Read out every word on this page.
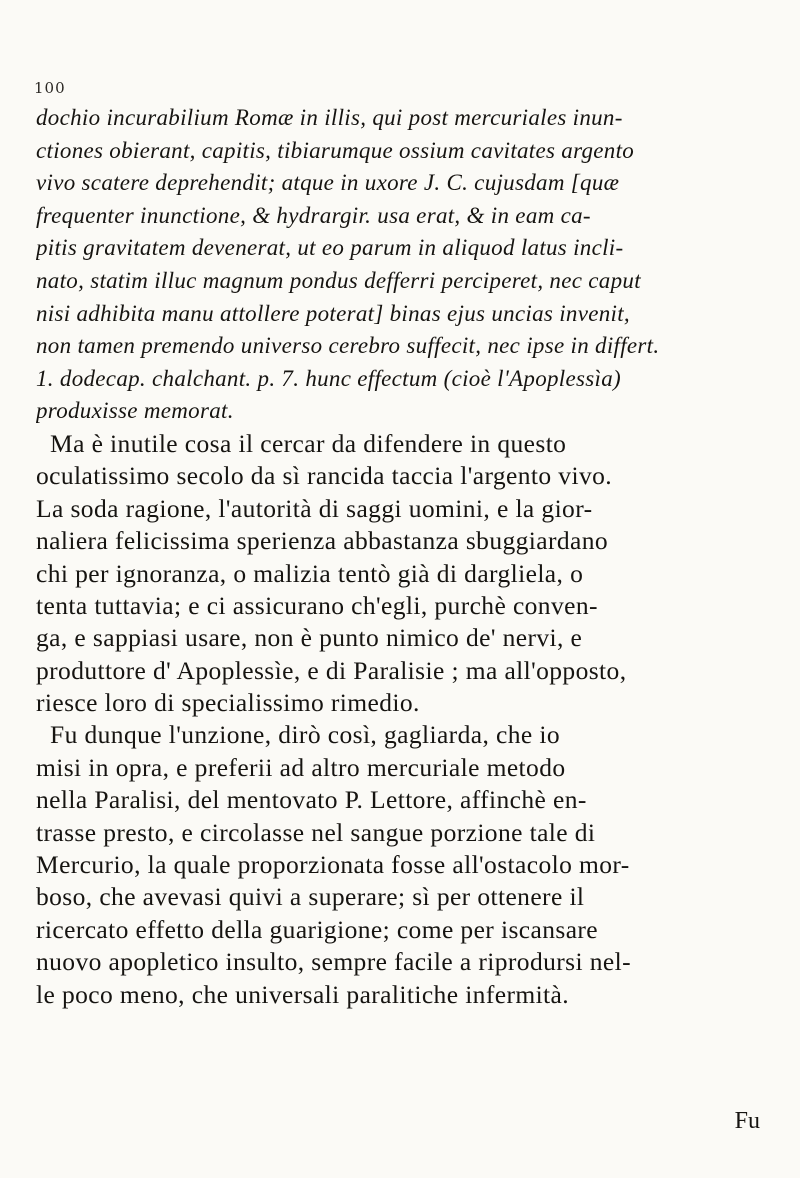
100
dochio incurabilium Romæ in illis, qui post mercuriales inun-
ctiones obierant, capitis, tibiarumque ossium cavitates argento
vivo scatere deprehendit; atque in uxore J. C. cujusdam [quæ
frequenter inunctione, & hydrargir. usa erat, & in eam ca-
pitis gravitatem devenerat, ut eo parum in aliquod latus incli-
nato, statim illuc magnum pondus defferri perciperet, nec caput
nisi adhibita manu attollere poterat] binas ejus uncias invenit,
non tamen premendo universo cerebro suffecit, nec ipse in differt.
1. dodecap. chalchant. p. 7. hunc effectum (cioè l'Apoplessìa)
produxisse memorat.
Ma è inutile cosa il cercar da difendere in questo
oculatissimo secolo da sì rancida taccia l'argento vivo.
La soda ragione, l'autorità di saggi uomini, e la gior-
naliera felicissima sperienza abbastanza sbuggiardano
chi per ignoranza, o malizia tentò già di dargliela, o
tenta tuttavia; e ci assicurano ch'egli, purchè conven-
ga, e sappiasi usare, non è punto nimico de' nervi, e
produttore d' Apoplessìe, e di Paralisie ; ma all'opposto,
riesce loro di specialissimo rimedio.
Fu dunque l'unzione, dirò così, gagliarda, che io
misi in opra, e preferii ad altro mercuriale metodo
nella Paralisi, del mentovato P. Lettore, affinchè en-
trasse presto, e circolasse nel sangue porzione tale di
Mercurio, la quale proporzionata fosse all'ostacolo mor-
boso, che avevasi quivi a superare; sì per ottenere il
ricercato effetto della guarigione; come per iscansare
nuovo apopletico insulto, sempre facile a riprodursi nel-
le poco meno, che universali paralitiche infermità.
Fu
